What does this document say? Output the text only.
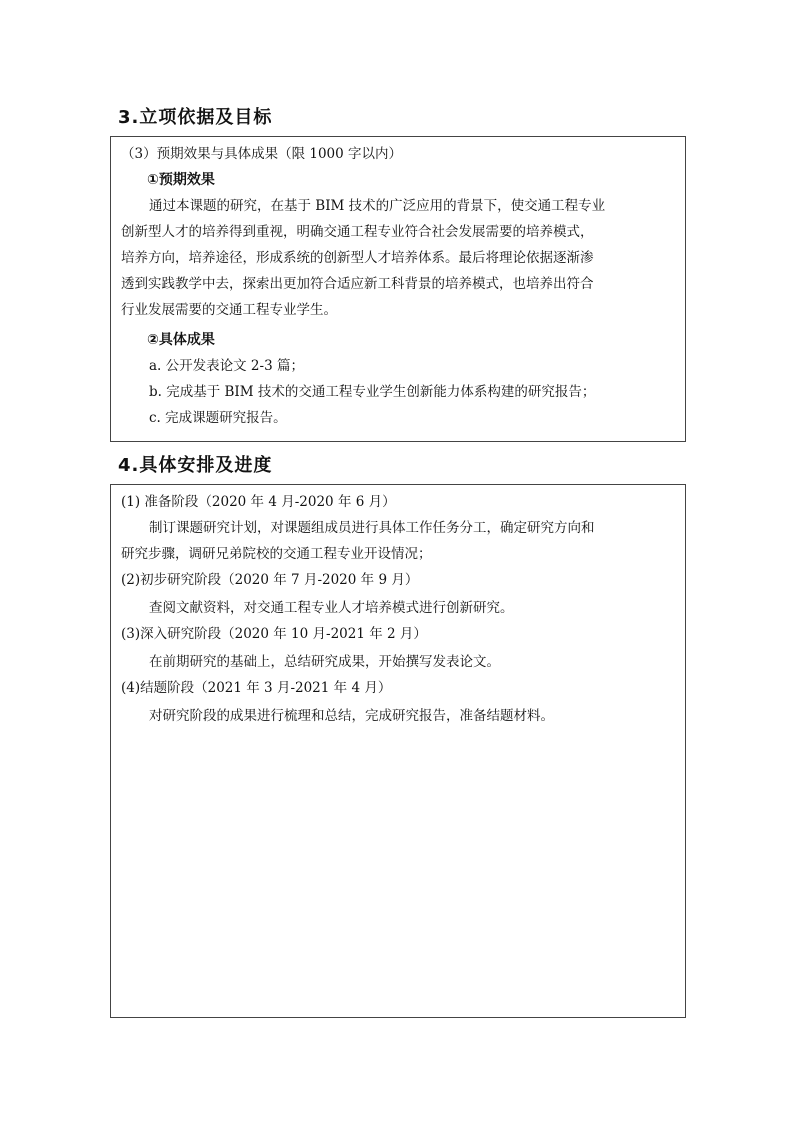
3.立项依据及目标

（3）预期效果与具体成果（限 1000 字以内）

①预期效果

通过本课题的研究，在基于 BIM 技术的广泛应用的背景下，使交通工程专业

创新型人才的培养得到重视，明确交通工程专业符合社会发展需要的培养模式，

培养方向，培养途径，形成系统的创新型人才培养体系。最后将理论依据逐渐渗

透到实践教学中去，探索出更加符合适应新工科背景的培养模式，也培养出符合

行业发展需要的交通工程专业学生。

②具体成果

a. 公开发表论文 2-3 篇；

b. 完成基于 BIM 技术的交通工程专业学生创新能力体系构建的研究报告；

c. 完成课题研究报告。

4.具体安排及进度

(1) 准备阶段（2020 年 4 月-2020 年 6 月）

制订课题研究计划，对课题组成员进行具体工作任务分工，确定研究方向和

研究步骤，调研兄弟院校的交通工程专业开设情况；

(2)初步研究阶段（2020 年 7 月-2020 年 9 月）

查阅文献资料，对交通工程专业人才培养模式进行创新研究。

(3)深入研究阶段（2020 年 10 月-2021 年 2 月）

在前期研究的基础上，总结研究成果，开始撰写发表论文。

(4)结题阶段（2021 年 3 月-2021 年 4 月）

对研究阶段的成果进行梳理和总结，完成研究报告，准备结题材料。
